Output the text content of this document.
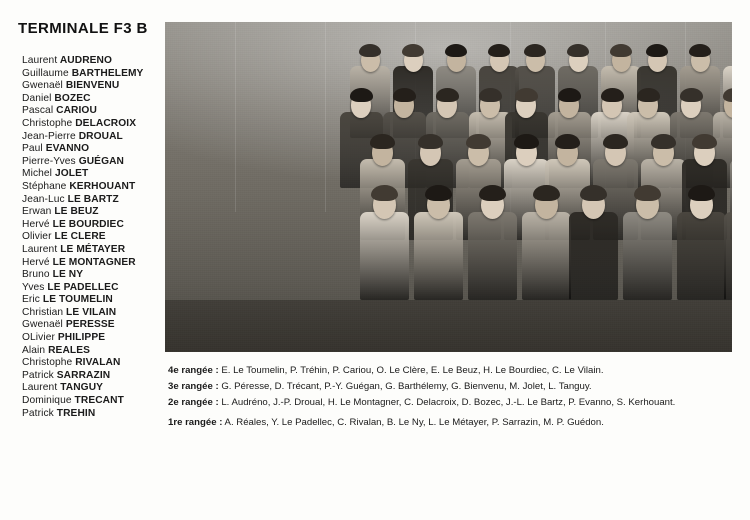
TERMINALE F3 B
Laurent AUDRENO
Guillaume BARTHELEMY
Gwenaël BIENVENU
Daniel BOZEC
Pascal CARIOU
Christophe DELACROIX
Jean-Pierre DROUAL
Paul EVANNO
Pierre-Yves GUÉGAN
Michel JOLET
Stéphane KERHOUANT
Jean-Luc LE BARTZ
Erwan LE BEUZ
Hervé LE BOURDIEC
Olivier LE CLERE
Laurent LE MÉTAYER
Hervé LE MONTAGNER
Bruno LE NY
Yves LE PADELLEC
Eric LE TOUMELIN
Christian LE VILAIN
Gwenaël PERESSE
OLivier PHILIPPE
Alain REALES
Christophe RIVALAN
Patrick SARRAZIN
Laurent TANGUY
Dominique TRECANT
Patrick TREHIN
4e rangée : E. Le Toumelin, P. Tréhin, P. Cariou, O. Le Clère, E. Le Beuz, H. Le Bourdiec, C. Le Vilain.
3e rangée : G. Péresse, D. Trécant, P.-Y. Guégan, G. Barthélemy, G. Bienvenu, M. Jolet, L. Tanguy.
2e rangée : L. Audréno, J.-P. Droual, H. Le Montagner, C. Delacroix, D. Bozec, J.-L. Le Bartz, P. Evanno, S. Kerhouant.
1re rangée : A. Réales, Y. Le Padellec, C. Rivalan, B. Le Ny, L. Le Métayer, P. Sarrazin, M. P. Guédon.
